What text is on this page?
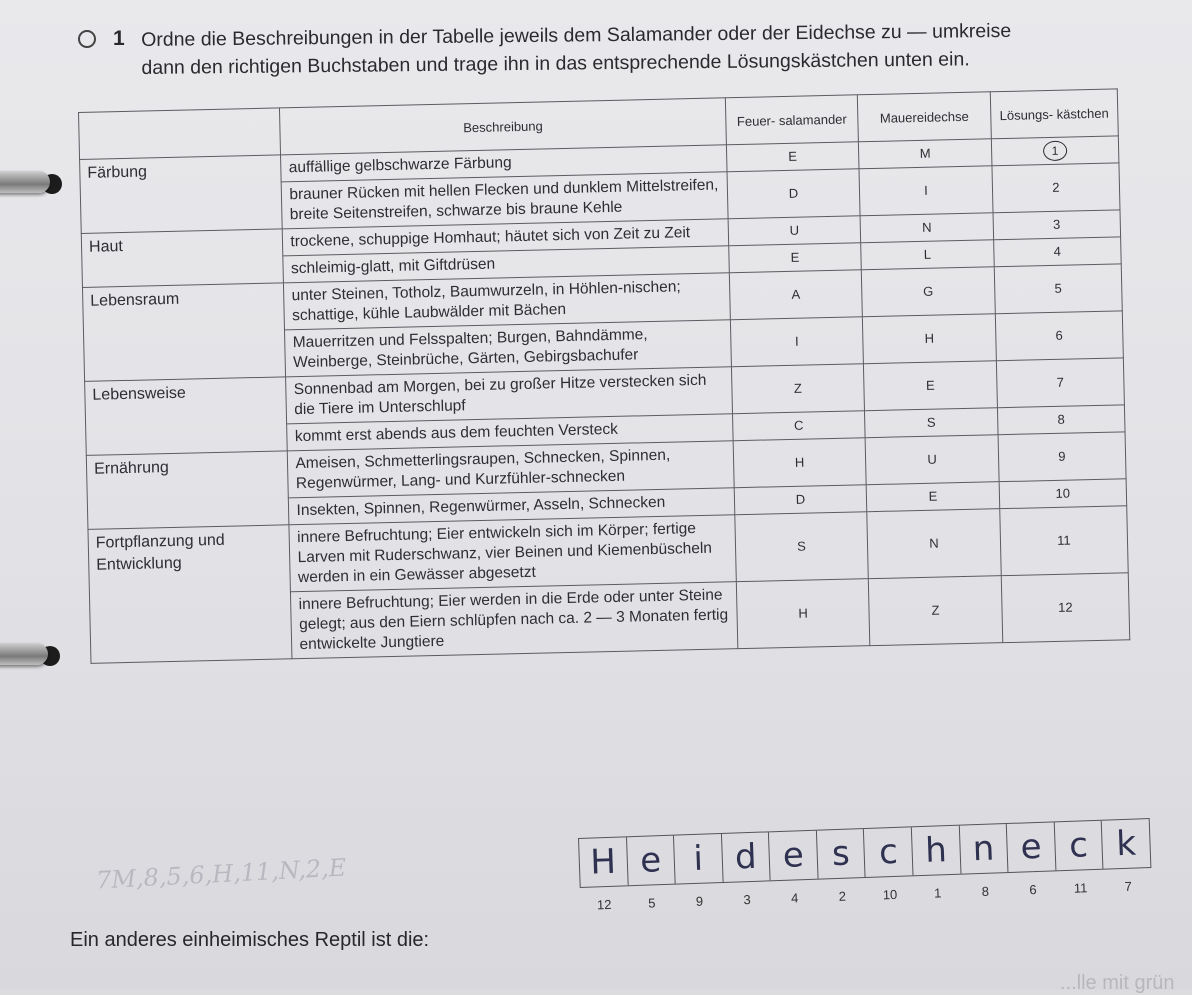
1 Ordne die Beschreibungen in der Tabelle jeweils dem Salamander oder der Eidechse zu — umkreise
dann den richtigen Buchstaben und trage ihn in das entsprechende Lösungskästchen unten ein.
	Beschreibung	Feuer- salamander	Mauereidechse	Lösungs- kästchen
Färbung	auffällige gelbschwarze Färbung	E	M	1
	brauner Rücken mit hellen Flecken und dunklem Mittelstreifen, breite Seitenstreifen, schwarze bis braune Kehle	D	I	2
Haut	trockene, schuppige Homhaut; häutet sich von Zeit zu Zeit	U	N	3
	schleimig-glatt, mit Giftdrüsen	E	L	4
Lebensraum	unter Steinen, Totholz, Baumwurzeln, in Höhlen-nischen; schattige, kühle Laubwälder mit Bächen	A	G	5
	Mauerritzen und Felsspalten; Burgen, Bahndämme, Weinberge, Steinbrüche, Gärten, Gebirgsbachufer	I	H	6
Lebensweise	Sonnenbad am Morgen, bei zu großer Hitze verstecken sich die Tiere im Unterschlupf	Z	E	7
	kommt erst abends aus dem feuchten Versteck	C	S	8
Ernährung	Ameisen, Schmetterlingsraupen, Schnecken, Spinnen, Regenwürmer, Lang- und Kurzfühler-schnecken	H	U	9
	Insekten, Spinnen, Regenwürmer, Asseln, Schnecken	D	E	10
Fortpflanzung und Entwicklung	innere Befruchtung; Eier entwickeln sich im Körper; fertige Larven mit Ruderschwanz, vier Beinen und Kiemenbüscheln werden in ein Gewässer abgesetzt	S	N	11
	innere Befruchtung; Eier werden in die Erde oder unter Steine gelegt; aus den Eiern schlüpfen nach ca. 2 — 3 Monaten fertig entwickelte Jungtiere	H	Z	12
7M,8,5,6,H,11,N,2,E
Ein anderes einheimisches Reptil ist die:
H e i d e s c h n e c k
12	5	9	3	4	2	10	1	8	6	11	7
...lle mit grün
